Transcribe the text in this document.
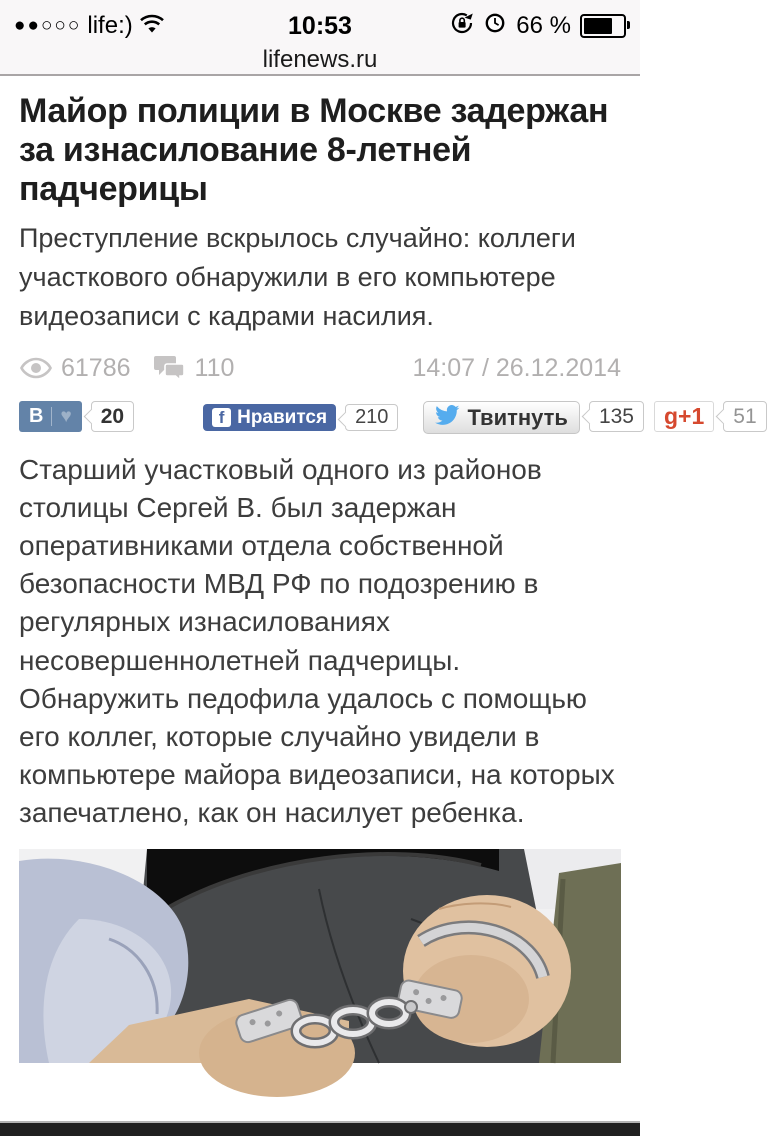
●●○○○ life:)	10:53	66 %
lifenews.ru
Майор полиции в Москве задержан за изнасилование 8-летней падчерицы

Преступление вскрылось случайно: коллеги участкового обнаружили в его компьютере видеозаписи с кадрами насилия.

61786	110	14:07 / 26.12.2014
В ♥	20	f Нравится	210	Твитнуть	135	g+1	51

Старший участковый одного из районов столицы Сергей В. был задержан оперативниками отдела собственной безопасности МВД РФ по подозрению в регулярных изнасилованиях несовершеннолетней падчерицы. Обнаружить педофила удалось с помощью его коллег, которые случайно увидели в компьютере майора видеозаписи, на которых запечатлено, как он насилует ребенка.
